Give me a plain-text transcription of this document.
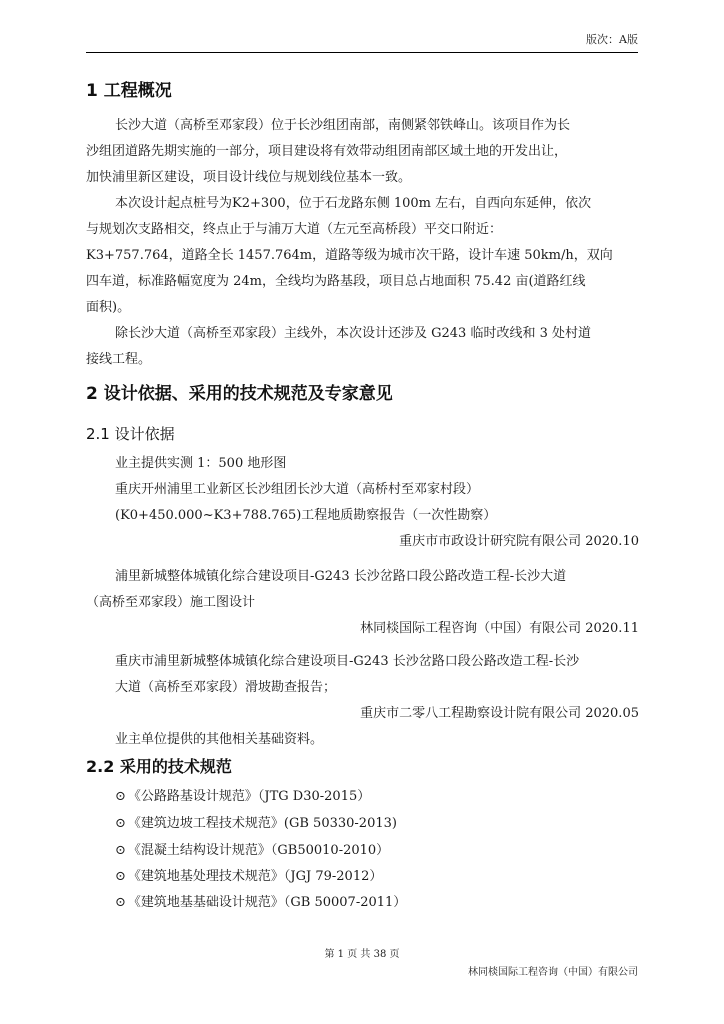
版次：A版
1 工程概况
长沙大道（高桥至邓家段）位于长沙组团南部，南侧紧邻铁峰山。该项目作为长
沙组团道路先期实施的一部分，项目建设将有效带动组团南部区域土地的开发出让，
加快浦里新区建设，项目设计线位与规划线位基本一致。
本次设计起点桩号为K2+300，位于石龙路东侧 100m 左右，自西向东延伸，依次
与规划次支路相交，终点止于与浦万大道（左元至高桥段）平交口附近：
K3+757.764，道路全长 1457.764m，道路等级为城市次干路，设计车速 50km/h，双向
四车道，标准路幅宽度为 24m，全线均为路基段，项目总占地面积 75.42 亩(道路红线
面积)。
除长沙大道（高桥至邓家段）主线外，本次设计还涉及 G243 临时改线和 3 处村道
接线工程。
2 设计依据、采用的技术规范及专家意见
2.1 设计依据
业主提供实测 1：500 地形图
重庆开州浦里工业新区长沙组团长沙大道（高桥村至邓家村段）
(K0+450.000~K3+788.765)工程地质勘察报告（一次性勘察）
重庆市市政设计研究院有限公司 2020.10
浦里新城整体城镇化综合建设项目-G243 长沙岔路口段公路改造工程-长沙大道
（高桥至邓家段）施工图设计
林同棪国际工程咨询（中国）有限公司 2020.11
重庆市浦里新城整体城镇化综合建设项目-G243 长沙岔路口段公路改造工程-长沙
大道（高桥至邓家段）滑坡勘查报告；
重庆市二零八工程勘察设计院有限公司 2020.05
业主单位提供的其他相关基础资料。
2.2 采用的技术规范
⊙ 《公路路基设计规范》（JTG D30-2015）
⊙ 《建筑边坡工程技术规范》(GB 50330-2013)
⊙ 《混凝土结构设计规范》（GB50010-2010）
⊙ 《建筑地基处理技术规范》（JGJ 79-2012）
⊙ 《建筑地基基础设计规范》（GB 50007-2011）
第 1 页 共 38 页
林同棪国际工程咨询（中国）有限公司
